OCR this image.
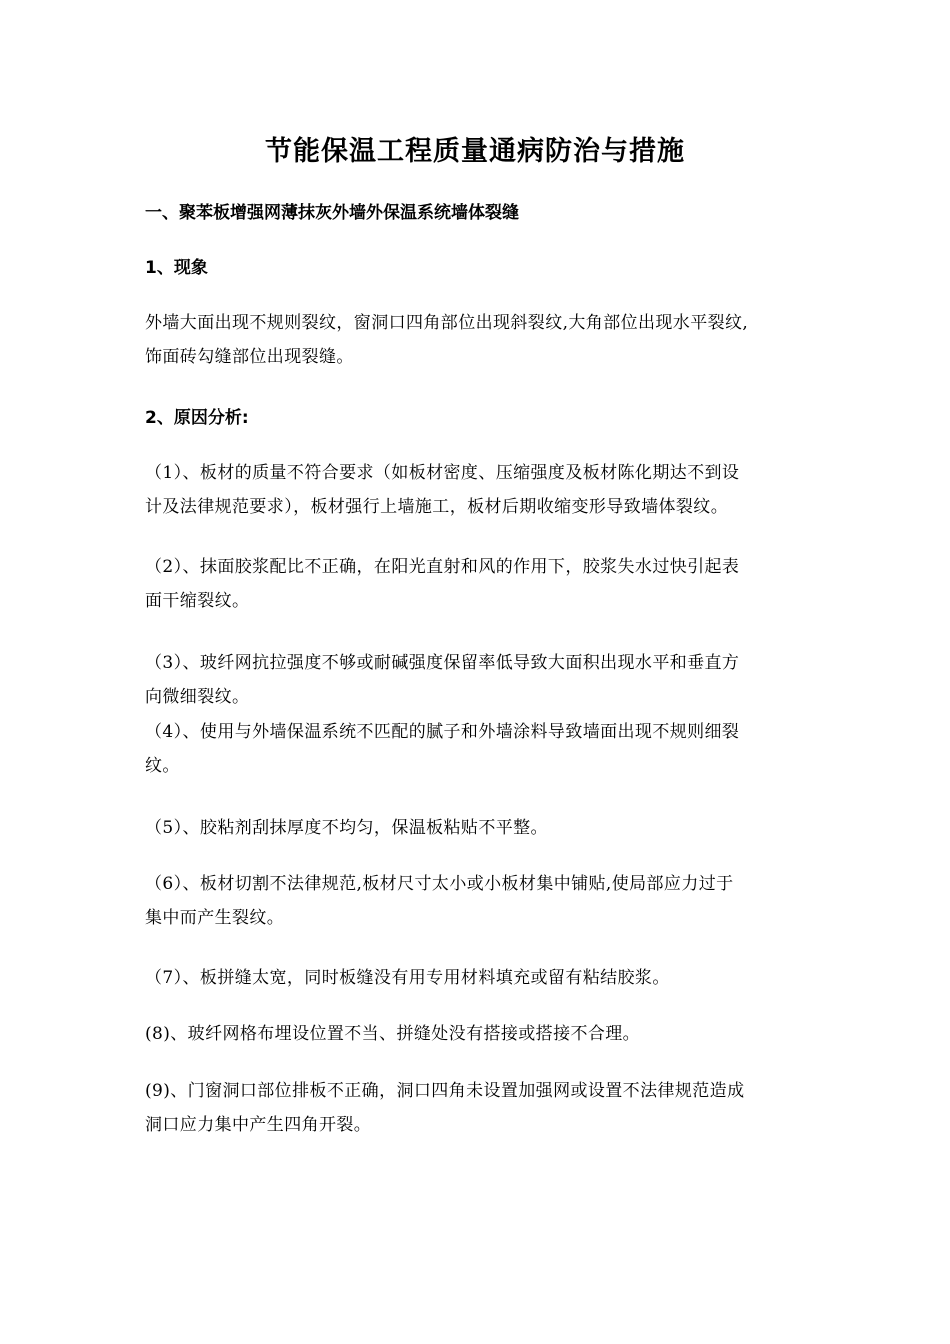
节能保温工程质量通病防治与措施
一、聚苯板增强网薄抹灰外墙外保温系统墙体裂缝
1、现象
外墙大面出现不规则裂纹，窗洞口四角部位出现斜裂纹,大角部位出现水平裂纹,
饰面砖勾缝部位出现裂缝。
2、原因分析:
（1）、板材的质量不符合要求（如板材密度、压缩强度及板材陈化期达不到设
计及法律规范要求），板材强行上墙施工，板材后期收缩变形导致墙体裂纹。
（2）、抹面胶浆配比不正确，在阳光直射和风的作用下，胶浆失水过快引起表
面干缩裂纹。
（3）、玻纤网抗拉强度不够或耐碱强度保留率低导致大面积出现水平和垂直方
向微细裂纹。
（4）、使用与外墙保温系统不匹配的腻子和外墙涂料导致墙面出现不规则细裂
纹。
（5）、胶粘剂刮抹厚度不均匀，保温板粘贴不平整。
（6）、板材切割不法律规范,板材尺寸太小或小板材集中铺贴,使局部应力过于
集中而产生裂纹。
（7）、板拼缝太宽，同时板缝没有用专用材料填充或留有粘结胶浆。
(8)、玻纤网格布埋设位置不当、拼缝处没有搭接或搭接不合理。
(9)、门窗洞口部位排板不正确，洞口四角未设置加强网或设置不法律规范造成
洞口应力集中产生四角开裂。
